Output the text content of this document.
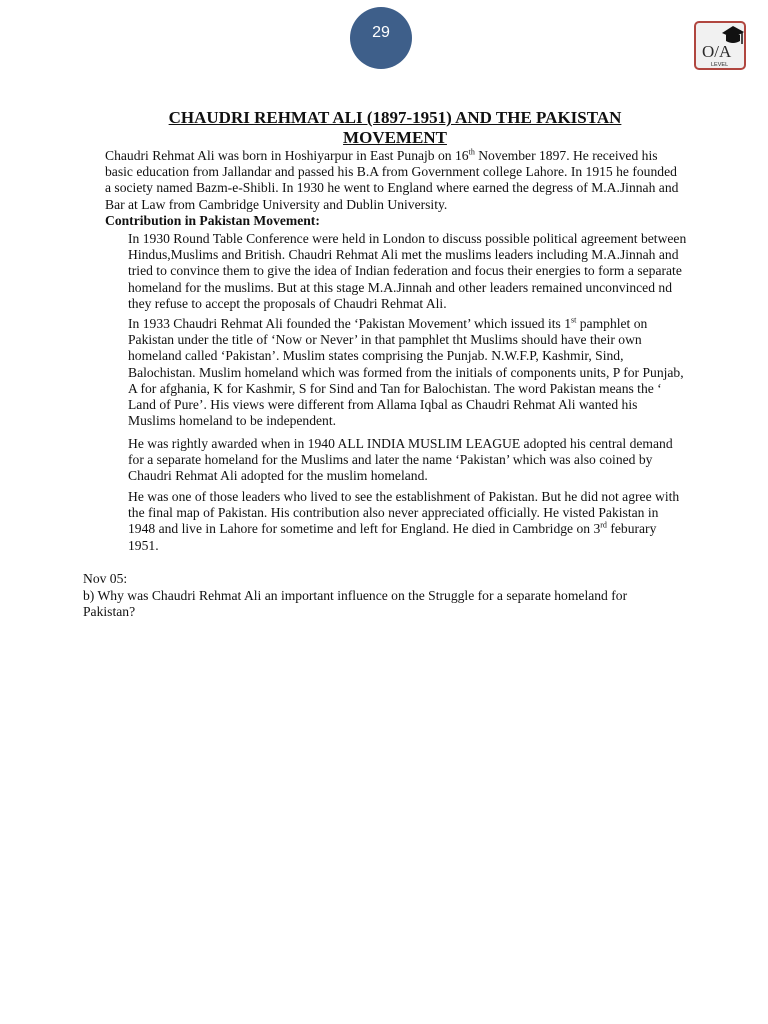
29
O/A
LEVEL
CHAUDRI REHMAT ALI (1897-1951) AND THE PAKISTAN MOVEMENT

Chaudri Rehmat Ali was born in Hoshiyarpur in East Punajb on 16th November 1897. He received his basic education from Jallandar and passed his B.A from Government college Lahore. In 1915 he founded a society named Bazm-e-Shibli. In 1930 he went to England where earned the degress of M.A.Jinnah and Bar at Law from Cambridge University and Dublin University.

Contribution in Pakistan Movement:

In 1930 Round Table Conference were held in London to discuss possible political agreement between Hindus,Muslims and British. Chaudri Rehmat Ali met the muslims leaders including M.A.Jinnah and tried to convince them to give the idea of Indian federation and focus their energies to form a separate homeland for the muslims. But at this stage M.A.Jinnah and other leaders remained unconvinced nd they refuse to accept the proposals of Chaudri Rehmat Ali.

In 1933 Chaudri Rehmat Ali founded the ‘Pakistan Movement’ which issued its 1st pamphlet on Pakistan under the title of ‘Now or Never’ in that pamphlet tht Muslims should have their own homeland called ‘Pakistan’. Muslim states comprising the Punjab. N.W.F.P, Kashmir, Sind, Balochistan. Muslim homeland which was formed from the initials of components units, P for Punjab, A for afghania, K for Kashmir, S for Sind and Tan for Balochistan. The word Pakistan means the ‘ Land of Pure’. His views were different from Allama Iqbal as Chaudri Rehmat Ali wanted his Muslims homeland to be independent.

He was rightly awarded when in 1940 ALL INDIA MUSLIM LEAGUE adopted his central demand for a separate homeland for the Muslims and later the name ‘Pakistan’ which was also coined by Chaudri Rehmat Ali adopted for the muslim homeland.

He was one of those leaders who lived to see the establishment of Pakistan. But he did not agree with the final map of Pakistan. His contribution also never appreciated officially. He visted Pakistan in 1948 and live in Lahore for sometime and left for England. He died in Cambridge on 3rd feburary 1951.

Nov 05:

b) Why was Chaudri Rehmat Ali an important influence on the Struggle for a separate homeland for Pakistan?
